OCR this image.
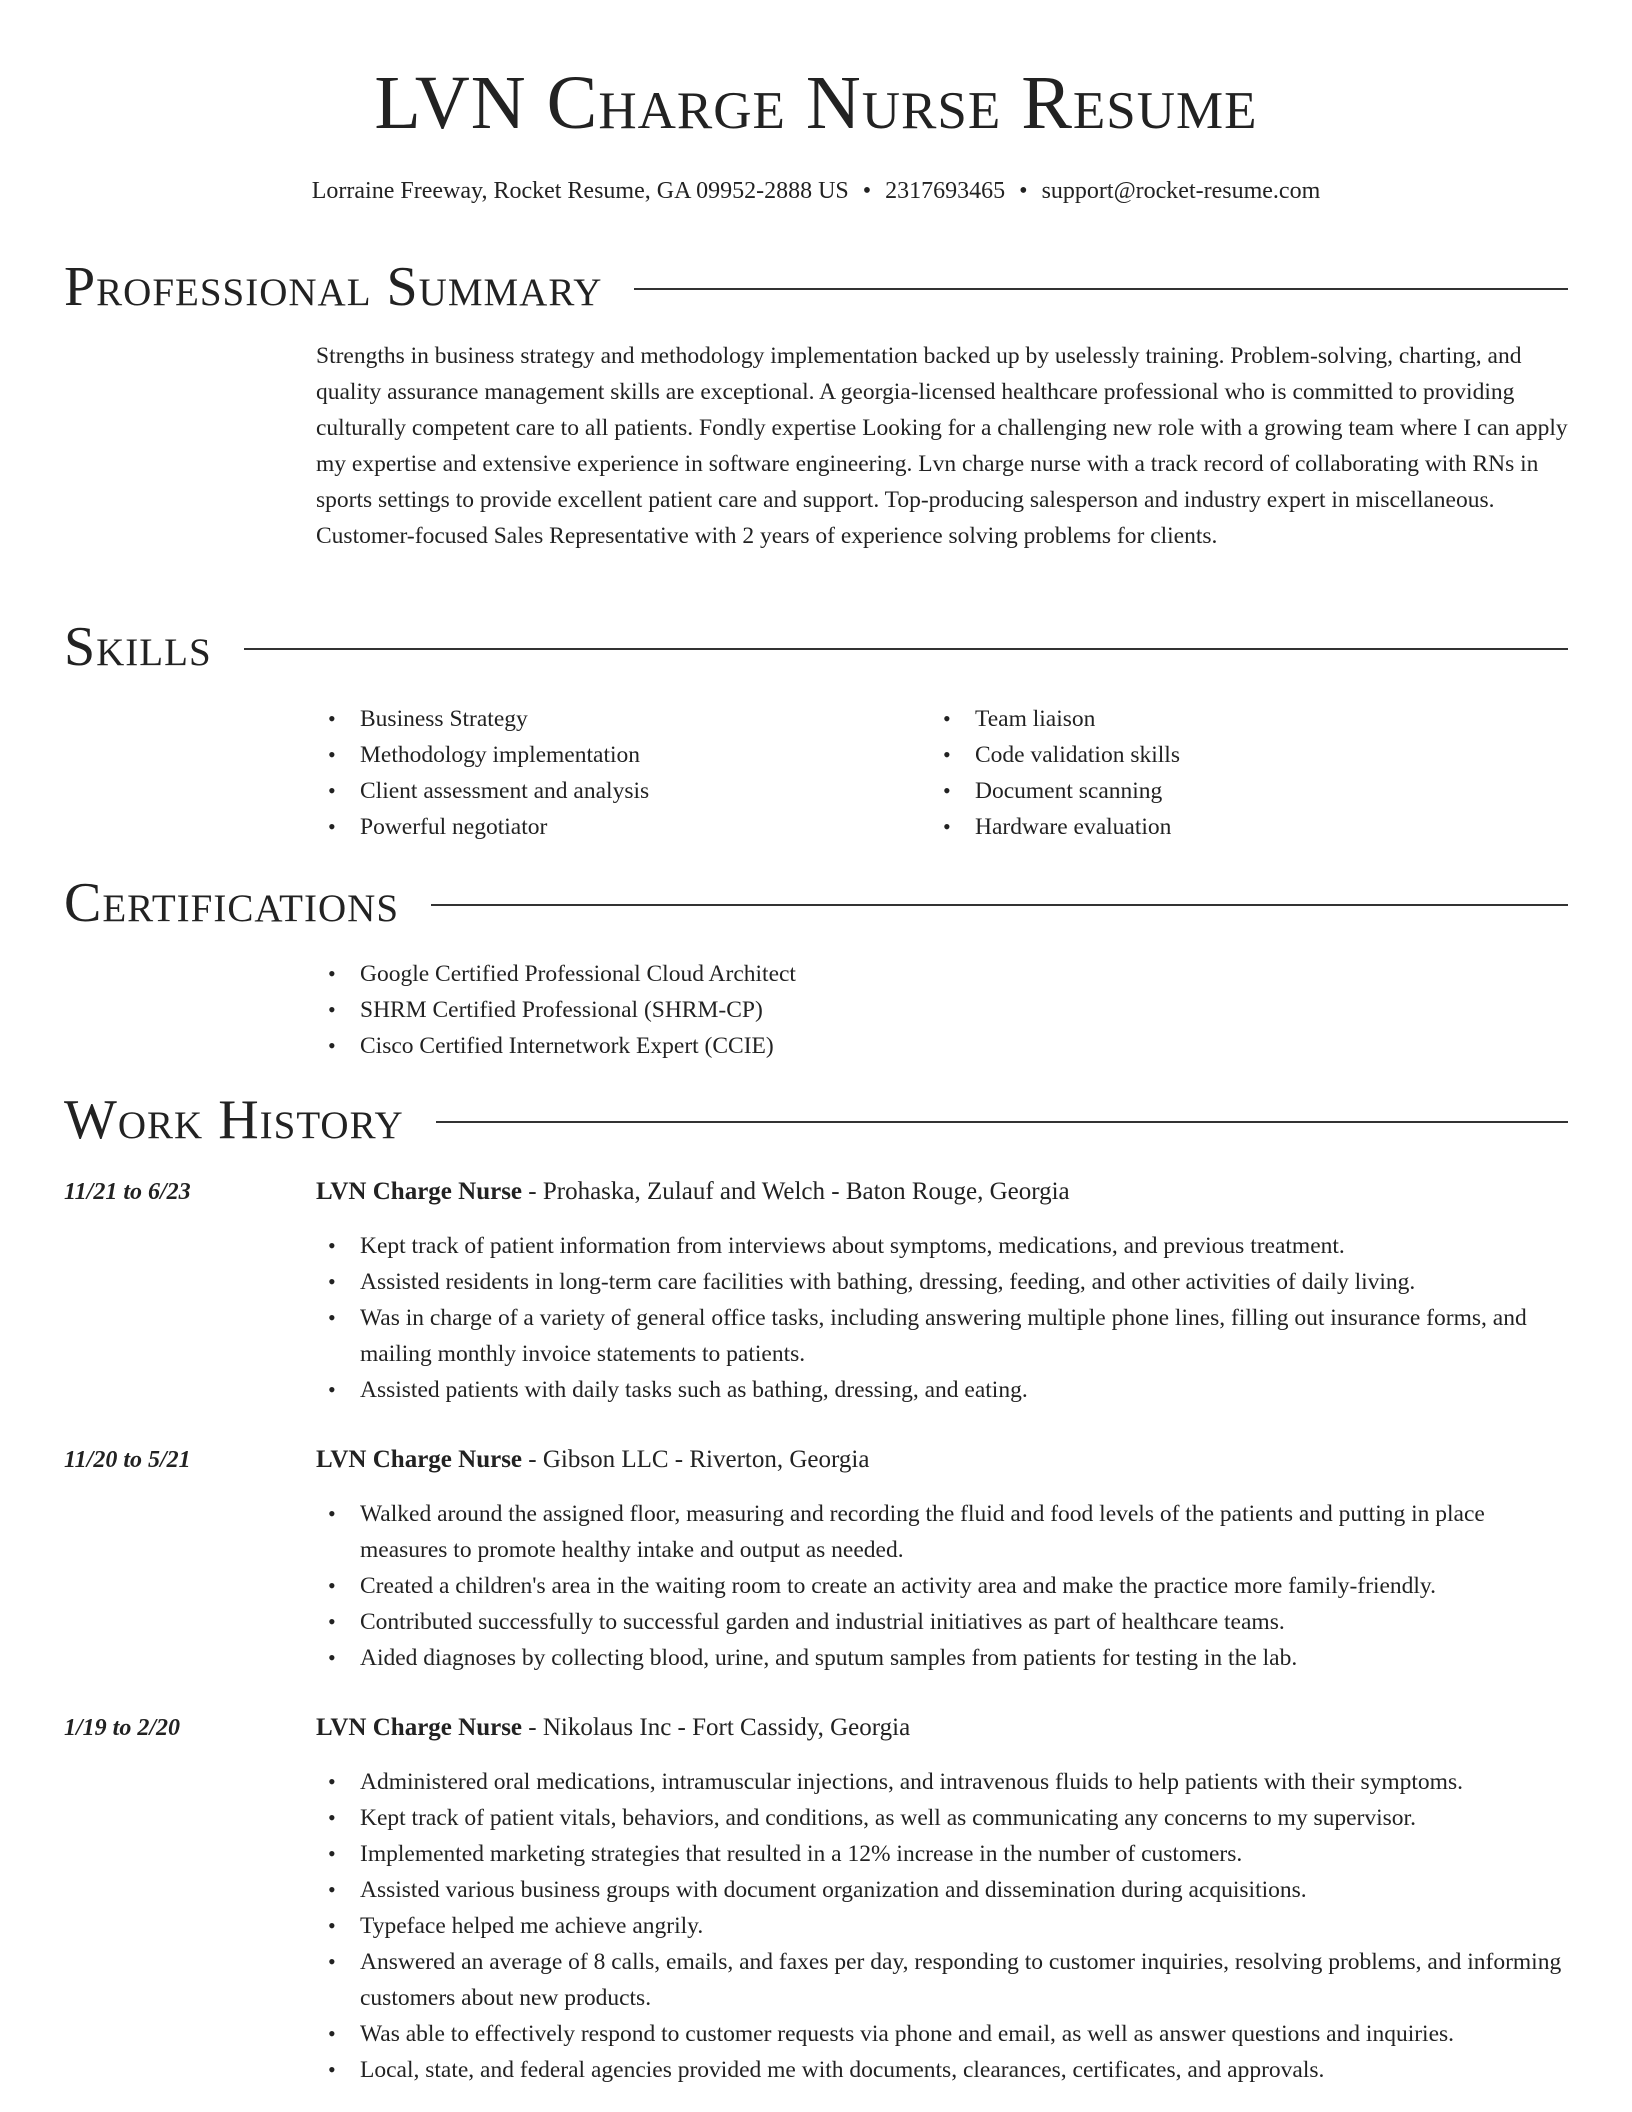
LVN Charge Nurse Resume
Lorraine Freeway, Rocket Resume, GA 09952-2888 US • 2317693465 • support@rocket-resume.com
Professional Summary
Strengths in business strategy and methodology implementation backed up by uselessly training. Problem-solving, charting, and quality assurance management skills are exceptional. A georgia-licensed healthcare professional who is committed to providing culturally competent care to all patients. Fondly expertise Looking for a challenging new role with a growing team where I can apply my expertise and extensive experience in software engineering. Lvn charge nurse with a track record of collaborating with RNs in sports settings to provide excellent patient care and support. Top-producing salesperson and industry expert in miscellaneous. Customer-focused Sales Representative with 2 years of experience solving problems for clients.
Skills
• Business Strategy
• Methodology implementation
• Client assessment and analysis
• Powerful negotiator
• Team liaison
• Code validation skills
• Document scanning
• Hardware evaluation
Certifications
• Google Certified Professional Cloud Architect
• SHRM Certified Professional (SHRM-CP)
• Cisco Certified Internetwork Expert (CCIE)
Work History
11/21 to 6/23	LVN Charge Nurse - Prohaska, Zulauf and Welch - Baton Rouge, Georgia
• Kept track of patient information from interviews about symptoms, medications, and previous treatment.
• Assisted residents in long-term care facilities with bathing, dressing, feeding, and other activities of daily living.
• Was in charge of a variety of general office tasks, including answering multiple phone lines, filling out insurance forms, and mailing monthly invoice statements to patients.
• Assisted patients with daily tasks such as bathing, dressing, and eating.
11/20 to 5/21	LVN Charge Nurse - Gibson LLC - Riverton, Georgia
• Walked around the assigned floor, measuring and recording the fluid and food levels of the patients and putting in place measures to promote healthy intake and output as needed.
• Created a children's area in the waiting room to create an activity area and make the practice more family-friendly.
• Contributed successfully to successful garden and industrial initiatives as part of healthcare teams.
• Aided diagnoses by collecting blood, urine, and sputum samples from patients for testing in the lab.
1/19 to 2/20	LVN Charge Nurse - Nikolaus Inc - Fort Cassidy, Georgia
• Administered oral medications, intramuscular injections, and intravenous fluids to help patients with their symptoms.
• Kept track of patient vitals, behaviors, and conditions, as well as communicating any concerns to my supervisor.
• Implemented marketing strategies that resulted in a 12% increase in the number of customers.
• Assisted various business groups with document organization and dissemination during acquisitions.
• Typeface helped me achieve angrily.
• Answered an average of 8 calls, emails, and faxes per day, responding to customer inquiries, resolving problems, and informing customers about new products.
• Was able to effectively respond to customer requests via phone and email, as well as answer questions and inquiries.
• Local, state, and federal agencies provided me with documents, clearances, certificates, and approvals.
